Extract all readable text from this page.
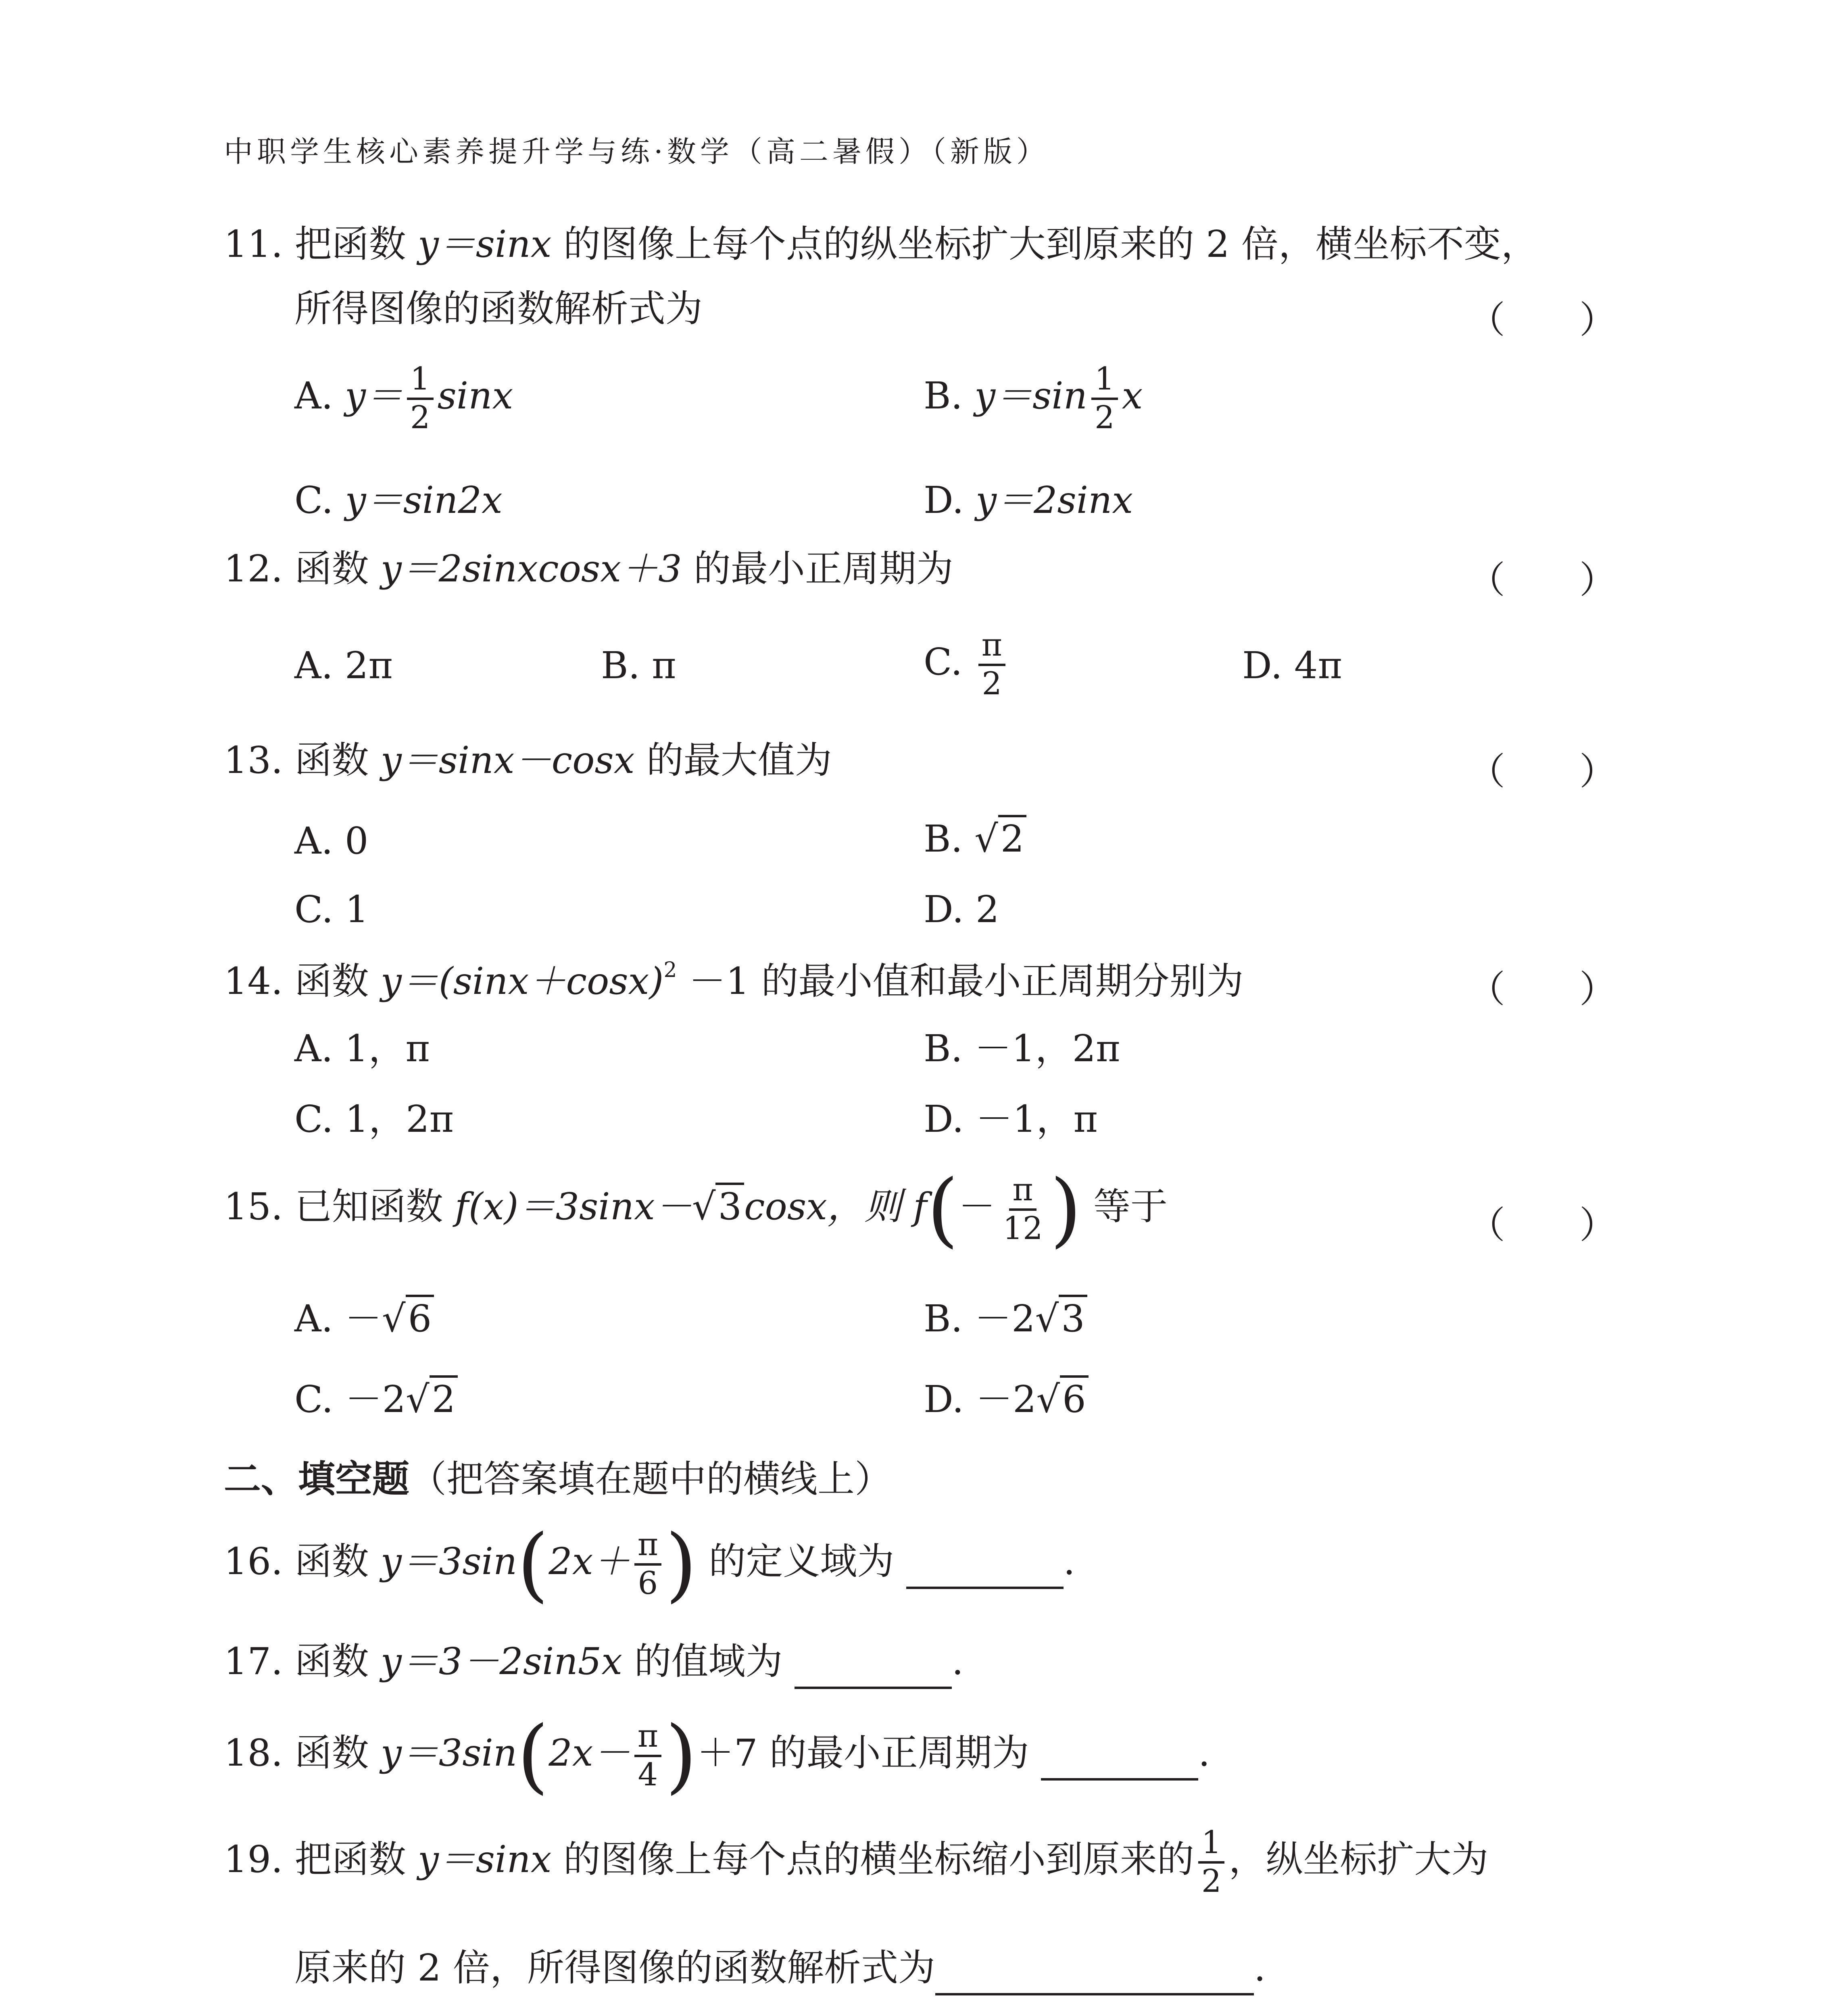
中职学生核心素养提升学与练·数学（高二暑假）（新版）
11. 把函数 y＝sinx 的图像上每个点的纵坐标扩大到原来的 2 倍，横坐标不变，
所得图像的函数解析式为	（　　）
A. $y= \frac{1}{2}$ sinx	B. $y=\sin \frac{1}{2}$ x
C. y＝sin2x	D. y＝2sinx
12. 函数 y＝2sinxcosx＋3 的最小正周期为	（　　）
A. 2π	B. π	C. $\frac{\pi}{2}$	D. 4π
13. 函数 y＝sinx－cosx 的最大值为	（　　）
A. 0	B. √2
C. 1	D. 2
14. 函数 $y=(\sin x+\cos x)^2 -1$ 的最小值和最小正周期分别为	（　　）
A. 1，π	B. －1，2π
C. 1，2π	D. －1，π
15. 已知函数 f(x)＝3sinx－√3cosx，则 $f(- \frac{\pi}{12}$ ) 等于	（　　）
A. －√6	B. －2√3
C. －2√2	D. －2√6
二、填空题（把答案填在题中的横线上）
16. 函数 $y=3\sin(2x+ \frac{\pi}{6}$ ) 的定义域为	.
17. 函数 y＝3－2sin5x 的值域为	.
18. 函数 $y=3\sin(2x- \frac{\pi}{4} )+7$ 的最小正周期为	.
19. 把函数 y＝sinx 的图像上每个点的横坐标缩小到原来的 $\frac{1}{2}$ ，纵坐标扩大为
原来的 2 倍，所得图像的函数解析式为	.
